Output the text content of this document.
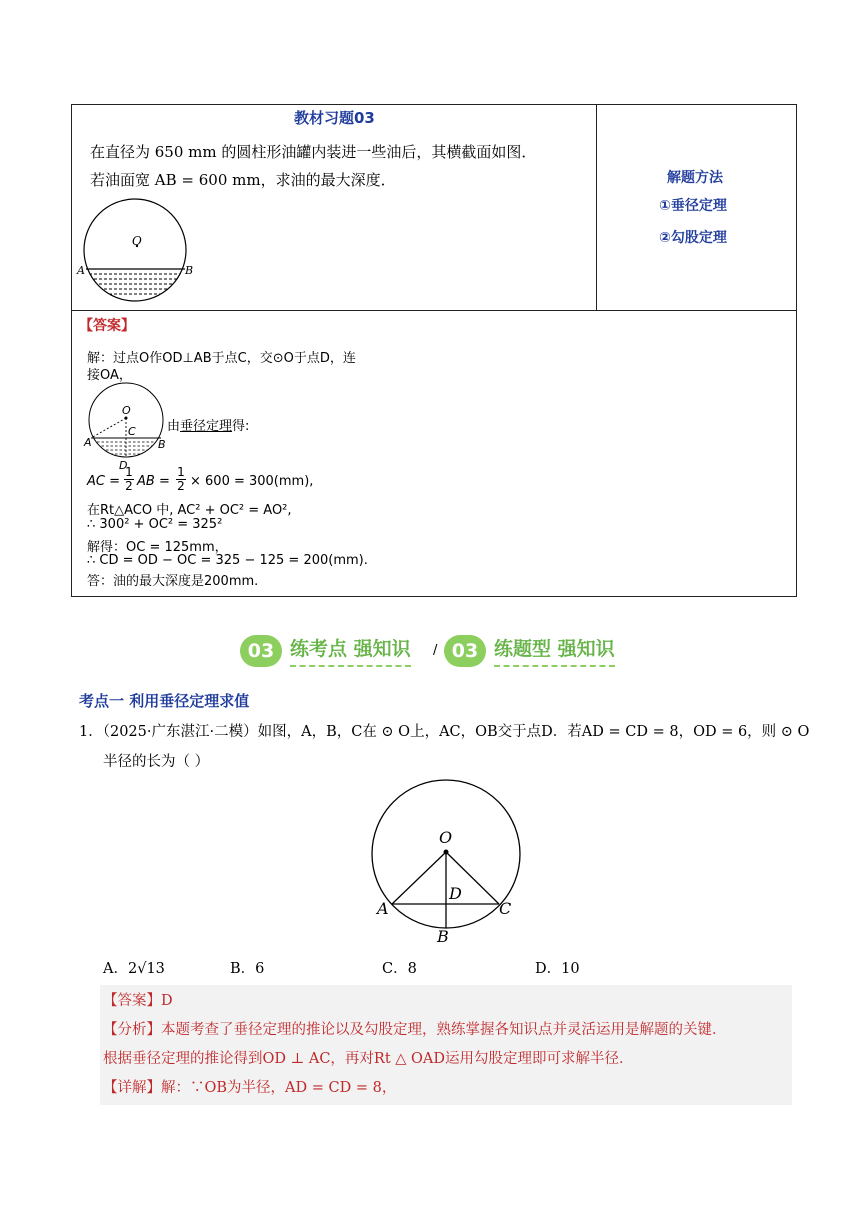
教材习题03
在直径为 650 mm 的圆柱形油罐内装进一些油后，其横截面如图．
若油面宽 AB = 600 mm，求油的最大深度．
O
A	B
解题方法
①垂径定理
②勾股定理
【答案】
解：过点O作OD⊥AB于点C，交⊙O于点D，连
接OA，
O
C
A	B
D
由垂径定理得:
AC = $\frac{1}{2}$ AB = $\frac{1}{2} \times 600 = 300(mm)$,
在Rt△ACO 中, AC² + OC² = AO²,
∴ 300² + OC² = 325²
解得：OC = 125mm，
∴ CD = OD − OC = 325 − 125 = 200(mm).
答：油的最大深度是200mm.
03 练考点 强知识 / 03 练题型 强知识
考点一 利用垂径定理求值
1．（2025·广东湛江·二模）如图，A，B，C在 ⊙ O上，AC，OB交于点D．若AD = CD = 8，OD = 6，则 ⊙ O
半径的长为（ ）
O
A	C
D
B
A．2√13	B．6	C．8	D．10
【答案】D
【分析】本题考查了垂径定理的推论以及勾股定理，熟练掌握各知识点并灵活运用是解题的关键．
根据垂径定理的推论得到OD ⊥ AC，再对Rt △ OAD运用勾股定理即可求解半径．
【详解】解：∵OB为半径，AD = CD = 8，
